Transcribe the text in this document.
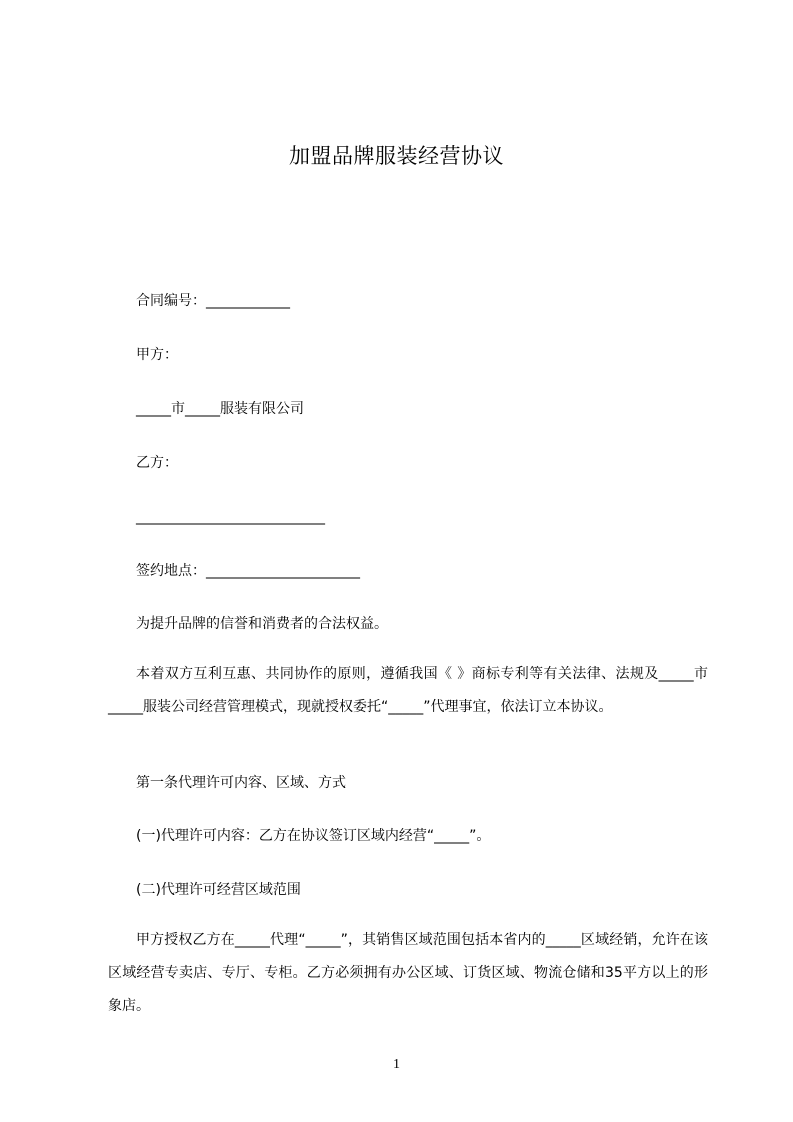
加盟品牌服装经营协议
合同编号：____________
甲方：
_____市_____服装有限公司
乙方：
___________________________
签约地点：______________________
为提升品牌的信誉和消费者的合法权益。
本着双方互利互惠、共同协作的原则，遵循我国《 》商标专利等有关法律、法规及_____市_____服装公司经营管理模式，现就授权委托“_____”代理事宜，依法订立本协议。
第一条代理许可内容、区域、方式
(一)代理许可内容：乙方在协议签订区域内经营“_____”。
(二)代理许可经营区域范围
甲方授权乙方在_____代理“_____”，其销售区域范围包括本省内的_____区域经销，允许在该区域经营专卖店、专厅、专柜。乙方必须拥有办公区域、订货区域、物流仓储和35平方以上的形象店。
1
